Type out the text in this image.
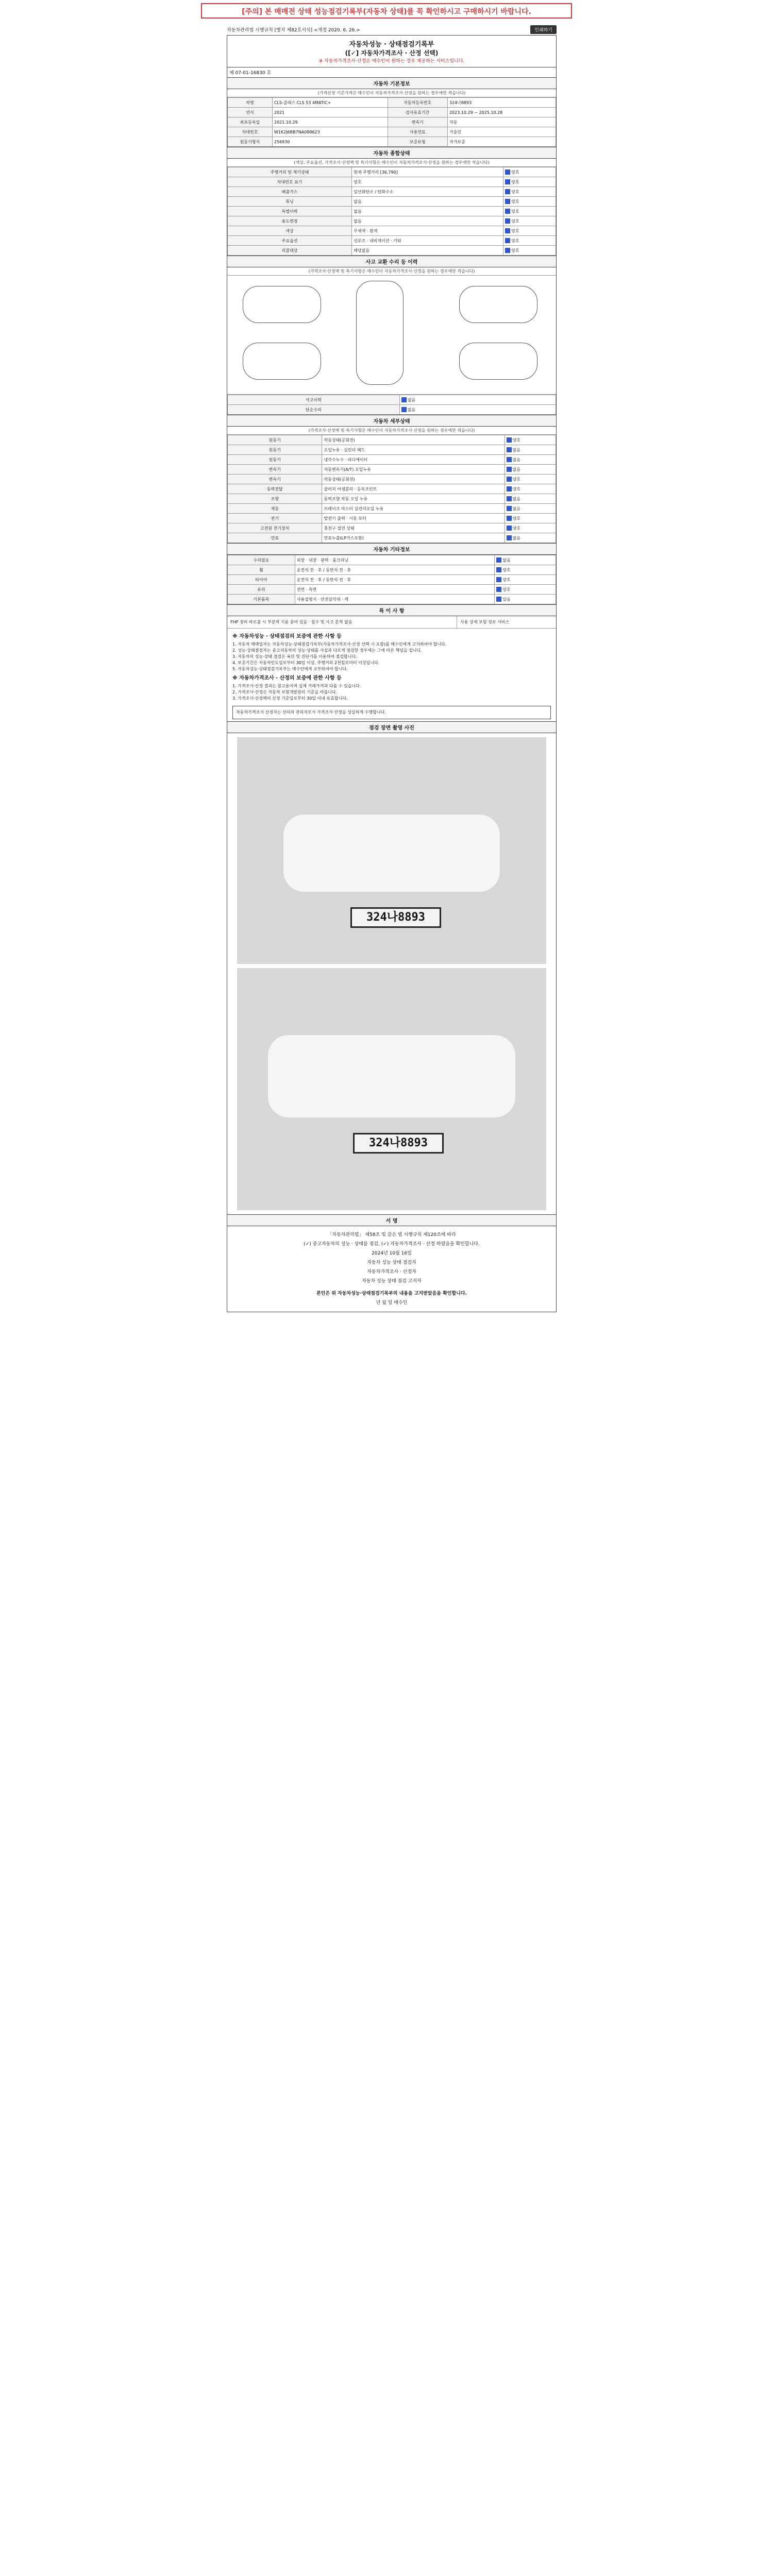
[주의] 본 매매전 상태 성능점검기록부(자동차 상태)를 꼭 확인하시고 구매하시기 바랍니다.
자동차관리법 시행규칙 [별지 제82호서식] <개정 2020. 6. 26.>	인쇄하기
자동차성능 · 상태점검기록부
([✓] 자동차가격조사 · 산정 선택)
※ 자동차가격조사·산정은 매수인이 원하는 경우 제공하는 서비스입니다.
제 07-01-16830 호
자동차 기본정보
(가격산정 기준가격은 매수인이 자동차가격조사·산정을 원하는 경우에만 적습니다)
차명	CLS-클래스 CLS 53 4MATIC+	자동차등록번호	324나8893
연식	2021	검사유효기간	2023.10.29 ~ 2025.10.28
최초등록일	2021.10.29	변속기	자동
차대번호	W1K2J6BB7NA088623	사용연료	가솔린
원동기형식	256930	보증유형	자가보증
자동차 종합상태
(색상, 주요옵션, 가격조사·산정액 및 특기사항은 매수인이 자동차가격조사·산정을 원하는 경우에만 적습니다)
주행거리 및 계기상태	현재 주행거리 [36,790]	양호
차대번호 표기	양호	양호
배출가스	일산화탄소 / 탄화수소	양호
튜닝	없음	양호
특별이력	없음	양호
용도변경	없음	양호
색상	무채색 · 흰색	양호
주요옵션	선루프 · 내비게이션 · 기타	양호
리콜대상	해당없음	양호
사고 교환 수리 등 이력
(가격조사·산정액 및 특기사항은 매수인이 자동차가격조사·산정을 원하는 경우에만 적습니다)
사고이력	없음
단순수리	없음
자동차 세부상태
(가격조사·산정액 및 특기사항은 매수인이 자동차가격조사·산정을 원하는 경우에만 적습니다)
원동기	작동상태(공회전)	양호
원동기	오일누유 · 실린더 헤드	없음
원동기	냉각수누수 · 라디에이터	없음
변속기	자동변속기(A/T) 오일누유	없음
변속기	작동상태(공회전)	양호
동력전달	클러치 어셈블리 · 등속조인트	양호
조향	동력조향 작동 오일 누유	없음
제동	브레이크 마스터 실린더오일 누유	없음
전기	발전기 출력 · 시동 모터	양호
고전원 전기장치	충전구 절연 상태	양호
연료	연료누출(LP가스포함)	없음
자동차 기타정보
수리필요	외장 · 내장 · 광택 · 룸크리닝	없음
휠	운전석 전 · 후 / 동반석 전 · 후	양호
타이어	운전석 전 · 후 / 동반석 전 · 후	양호
유리	전면 · 측면	양호
기본품목	사용설명서 · 안전삼각대 · 잭	있음
특 이 사 항
FHP 정비 바로출 시 부분적 기름 묻어 있음 · 침수 및 사고 흔적 없음	사용 상세 보험 정보 서비스
※ 자동차성능 · 상태점검의 보증에 관한 사항 등
1. 자동차 매매업자는 자동차성능·상태점검기록부(자동차가격조사·산정 선택 시 포함)를 매수인에게 고지하여야 합니다.
2. 성능·상태점검자는 중고자동차의 성능·상태를 사실과 다르게 점검한 경우에는 그에 따른 책임을 집니다.
3. 자동차의 성능·상태 점검은 육안 및 진단기를 이용하여 점검합니다.
4. 보증기간은 자동차인도일로부터 30일 이상, 주행거리 2천킬로미터 이상입니다.
5. 자동차성능·상태점검기록부는 매수인에게 교부하여야 합니다.
※ 자동차가격조사 · 산정의 보증에 관한 사항 등
1. 가격조사·산정 결과는 참고용이며 실제 거래가격과 다를 수 있습니다.
2. 가격조사·산정은 자동차 보험개발원의 기준을 따릅니다.
3. 가격조사·산정액의 산정 기준일로부터 30일 이내 유효합니다.
자동차가격조사 산정자는 선의의 관리자로서 가격조사·산정을 성실하게 수행합니다.
점검 장면 촬영 사진
324나8893
324나8893
서 명
「자동차관리법」 제58조 및 같은 법 시행규칙 제120조에 따라
(✓) 중고자동차의 성능 · 상태를 점검, (✓) 자동차가격조사 · 산정 하였음을 확인합니다.
2024년 10월 16일
자동차 성능 상태 점검자
자동차가격조사 · 산정자
자동차 성능 상태 점검 고지자
본인은 위 자동차성능·상태점검기록부의 내용을 고지받았음을 확인합니다.
년 월 일 매수인
